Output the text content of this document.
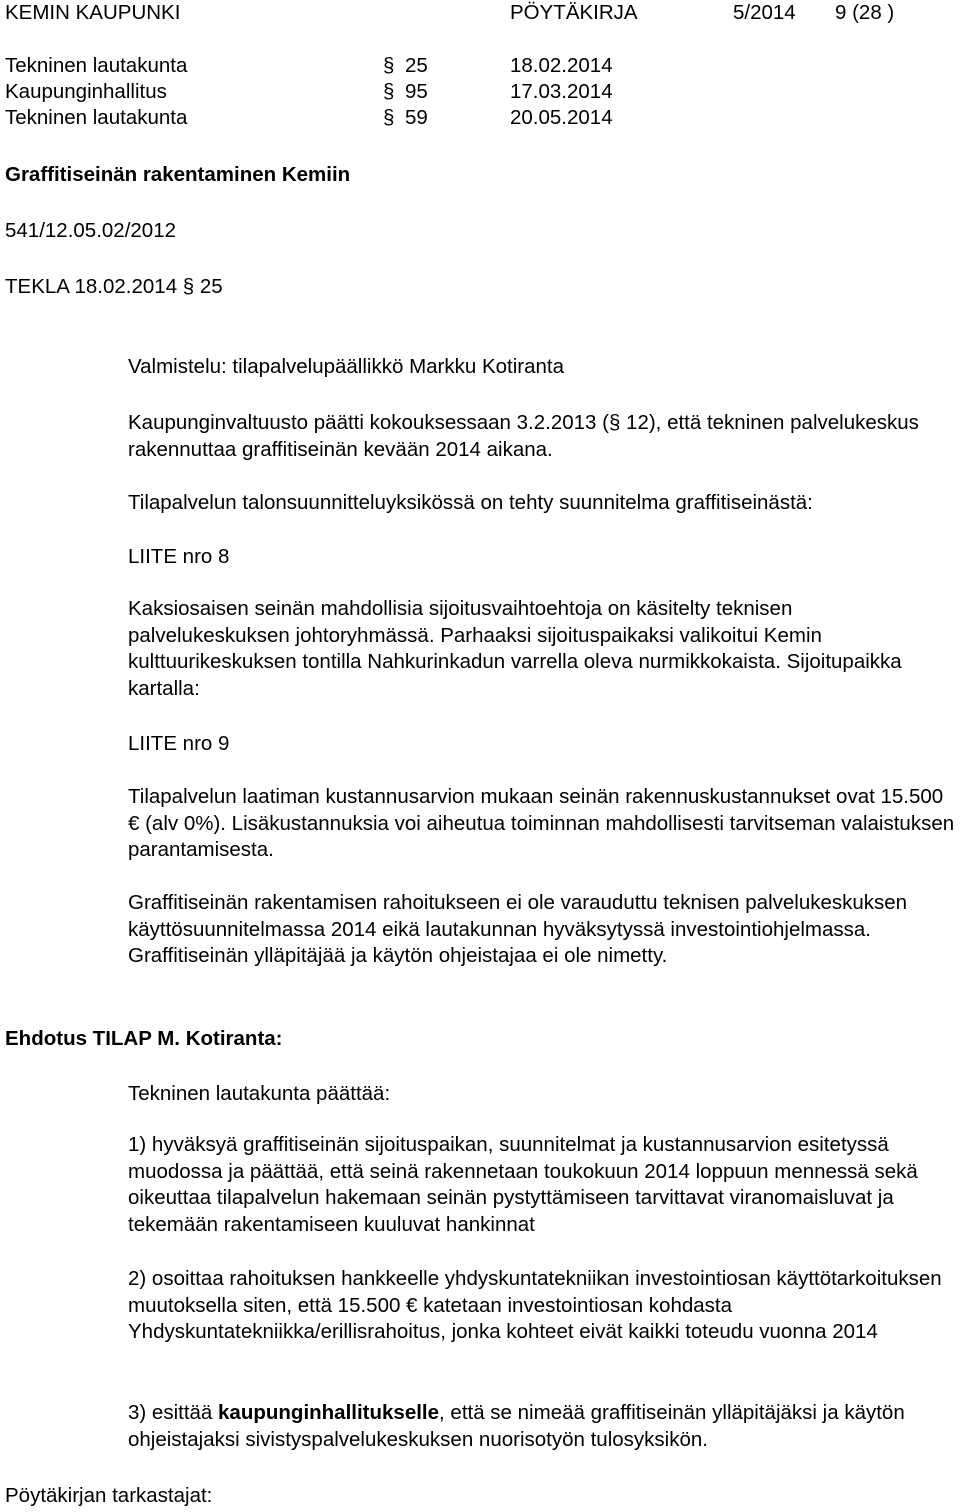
KEMIN KAUPUNKI	PÖYTÄKIRJA	5/2014 9 (28 )
Tekninen lautakunta	§ 25	18.02.2014
Kaupunginhallitus	§ 95	17.03.2014
Tekninen lautakunta	§ 59	20.05.2014
Graffitiseinän rakentaminen Kemiin
541/12.05.02/2012
TEKLA 18.02.2014 § 25
Valmistelu: tilapalvelupäällikkö Markku Kotiranta

Kaupunginvaltuusto päätti kokouksessaan 3.2.2013 (§ 12), että tekninen palvelukeskus rakennuttaa graffitiseinän kevään 2014 aikana.

Tilapalvelun talonsuunnitteluyksikössä on tehty suunnitelma graffitiseinästä:

LIITE nro 8

Kaksiosaisen seinän mahdollisia sijoitusvaihtoehtoja on käsitelty teknisen palvelukeskuksen johtoryhmässä. Parhaaksi sijoituspaikaksi valikoitui Kemin kulttuurikeskuksen tontilla Nahkurinkadun varrella oleva nurmikkokaista. Sijoitupaikka kartalla:

LIITE nro 9

Tilapalvelun laatiman kustannusarvion mukaan seinän rakennuskustannukset ovat 15.500 € (alv 0%). Lisäkustannuksia voi aiheutua toiminnan mahdollisesti tarvitseman valaistuksen parantamisesta.

Graffitiseinän rakentamisen rahoitukseen ei ole varauduttu teknisen palvelukeskuksen käyttösuunnitelmassa 2014 eikä lautakunnan hyväksytyssä investointiohjelmassa. Graffitiseinän ylläpitäjää ja käytön ohjeistajaa ei ole nimetty.

Ehdotus TILAP M. Kotiranta:
Tekninen lautakunta päättää:

1) hyväksyä graffitiseinän sijoituspaikan, suunnitelmat ja kustannusarvion esitetyssä muodossa ja päättää, että seinä rakennetaan toukokuun 2014 loppuun mennessä sekä oikeuttaa tilapalvelun hakemaan seinän pystyttämiseen tarvittavat viranomaisluvat ja tekemään rakentamiseen kuuluvat hankinnat

2) osoittaa rahoituksen hankkeelle yhdyskuntatekniikan investointiosan käyttötarkoituksen muutoksella siten, että 15.500 € katetaan investointiosan kohdasta Yhdyskuntatekniikka/erillisrahoitus, jonka kohteet eivät kaikki toteudu vuonna 2014

3) esittää kaupunginhallitukselle, että se nimeää graffitiseinän ylläpitäjäksi ja käytön ohjeistajaksi sivistyspalvelukeskuksen nuorisotyön tulosyksikön.

Pöytäkirjan tarkastajat:
